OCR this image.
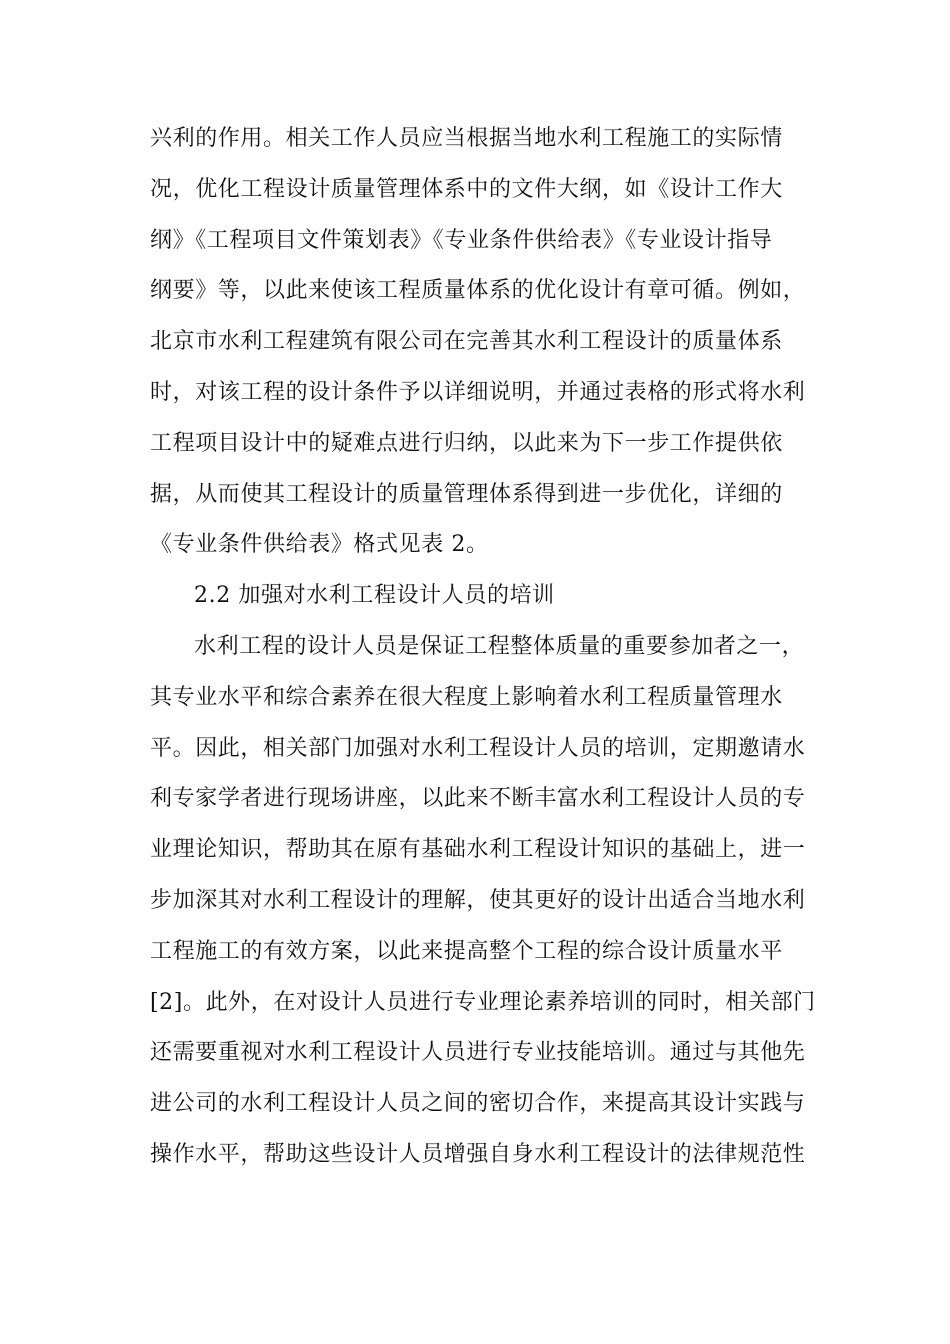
兴利的作用。相关工作人员应当根据当地水利工程施工的实际情
况，优化工程设计质量管理体系中的文件大纲，如《设计工作大
纲》《工程项目文件策划表》《专业条件供给表》《专业设计指导
纲要》等，以此来使该工程质量体系的优化设计有章可循。例如，
北京市水利工程建筑有限公司在完善其水利工程设计的质量体系
时，对该工程的设计条件予以详细说明，并通过表格的形式将水利
工程项目设计中的疑难点进行归纳，以此来为下一步工作提供依
据，从而使其工程设计的质量管理体系得到进一步优化，详细的
《专业条件供给表》格式见表 2。
2.2 加强对水利工程设计人员的培训
水利工程的设计人员是保证工程整体质量的重要参加者之一，
其专业水平和综合素养在很大程度上影响着水利工程质量管理水
平。因此，相关部门加强对水利工程设计人员的培训，定期邀请水
利专家学者进行现场讲座，以此来不断丰富水利工程设计人员的专
业理论知识，帮助其在原有基础水利工程设计知识的基础上，进一
步加深其对水利工程设计的理解，使其更好的设计出适合当地水利
工程施工的有效方案，以此来提高整个工程的综合设计质量水平
[2]。此外，在对设计人员进行专业理论素养培训的同时，相关部门
还需要重视对水利工程设计人员进行专业技能培训。通过与其他先
进公司的水利工程设计人员之间的密切合作，来提高其设计实践与
操作水平，帮助这些设计人员增强自身水利工程设计的法律规范性
